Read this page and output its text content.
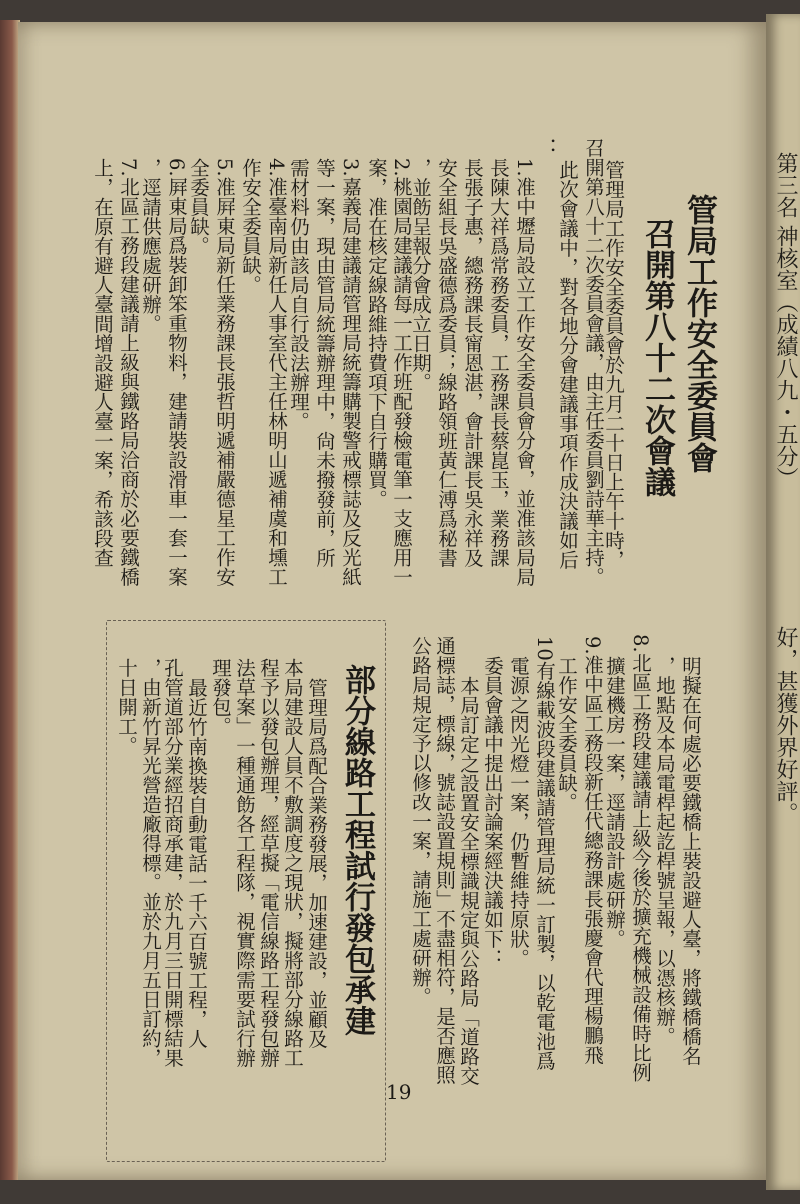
第三名 神核室（成績八九・五分）
好，甚獲外界好評。
管局工作安全委員會
召開第八十二次會議
管理局工作安全委員會於九月二十日上午十時，
召開第八十二次委員會議，由主任委員劉詩華主持。
此次會議中，對各地分會建議事項作成決議如后
：
1.准中壢局設立工作安全委員會分會，並准該局局
長陳大祥爲常務委員，工務課長蔡崑玉，業務課
長張子惠，總務課長甯恩湛，會計課長吳永祥及
安全組長吳盛德爲委員；線路領班黃仁溥爲秘書
，並飭呈報分會成立日期。
2.桃園局建議請每一工作班配發檢電筆一支應用一
案，准在核定線路維持費項下自行購買。
3.嘉義局建議請管理局統籌購製警戒標誌及反光紙
等一案，現由管局統籌辦理中，尙未撥發前，所
需材料仍由該局自行設法辦理。
4.准臺南局新任人事室代主任林明山遞補虞和壎工
作安全委員缺。
5.准屛東局新任業務課長張哲明遞補嚴德星工作安
全委員缺。
6.屛東局爲裝卸笨重物料，建請裝設滑車一套一案
，逕請供應處研辦。
7.北區工務段建議請上級與鐵路局洽商於必要鐵橋
上，在原有避人臺間增設避人臺一案，希該段查
明擬在何處必要鐵橋上裝設避人臺，將鐵橋橋名
，地點及本局電桿起訖桿號呈報，以憑核辦。
8.北區工務段建議請上級今後於擴充機械設備時比例
擴建機房一案，逕請設計處研辦。
9.准中區工務段新任代總務課長張慶會代理楊鵬飛
工作安全委員缺。
10有線載波段建議請管理局統一訂製，以乾電池爲
電源之閃光燈一案，仍暫維持原狀。
委員會議中提出討論案經決議如下：
本局訂定之設置安全標識規定與公路局「道路交
通標誌，標線，號誌設置規則」不盡相符，是否應照
公路局規定予以修改一案，請施工處研辦。
部分線路工程試行發包承建
管理局爲配合業務發展，加速建設，並顧及
本局建設人員不敷調度之現狀，擬將部分線路工
程予以發包辦理，經草擬「電信線路工程發包辦
法草案」一種通飭各工程隊，視實際需要試行辦
理發包。
最近竹南換裝自動電話一千六百號工程，人
孔管道部分業經招商承建，於九月三日開標結果
，由新竹昇光營造廠得標。並於九月五日訂約，
十日開工。
19
